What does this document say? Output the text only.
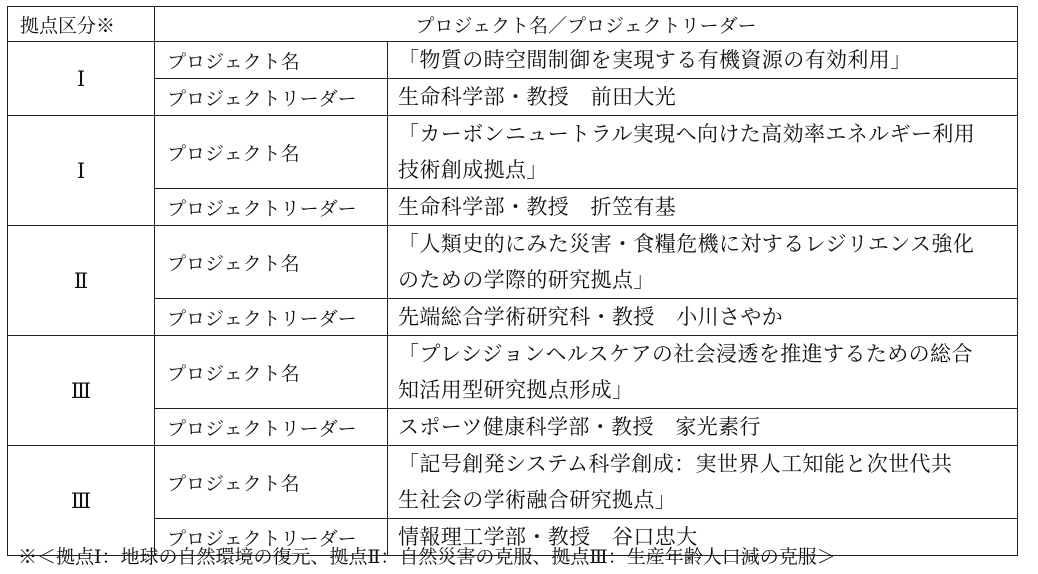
拠点区分※	プロジェクト名／プロジェクトリーダー	
Ⅰ	プロジェクト名	「物質の時空間制御を実現する有機資源の有効利用」

	プロジェクトリーダー	生命科学部・教授　前田大光
Ⅰ	プロジェクト名	「カーボンニュートラル実現へ向けた高効率エネルギー利用
技術創成拠点」

	プロジェクトリーダー	生命科学部・教授　折笠有基
Ⅱ	プロジェクト名	「人類史的にみた災害・食糧危機に対するレジリエンス強化
のための学際的研究拠点」

	プロジェクトリーダー	先端総合学術研究科・教授　小川さやか
Ⅲ	プロジェクト名	「プレシジョンヘルスケアの社会浸透を推進するための総合
知活用型研究拠点形成」

	プロジェクトリーダー	スポーツ健康科学部・教授　家光素行
Ⅲ	プロジェクト名	「記号創発システム科学創成：実世界人工知能と次世代共
生社会の学術融合研究拠点」

	プロジェクトリーダー	情報理工学部・教授　谷口忠大
※＜拠点Ⅰ：地球の自然環境の復元、拠点Ⅱ：自然災害の克服、拠点Ⅲ：生産年齢人口減の克服＞
